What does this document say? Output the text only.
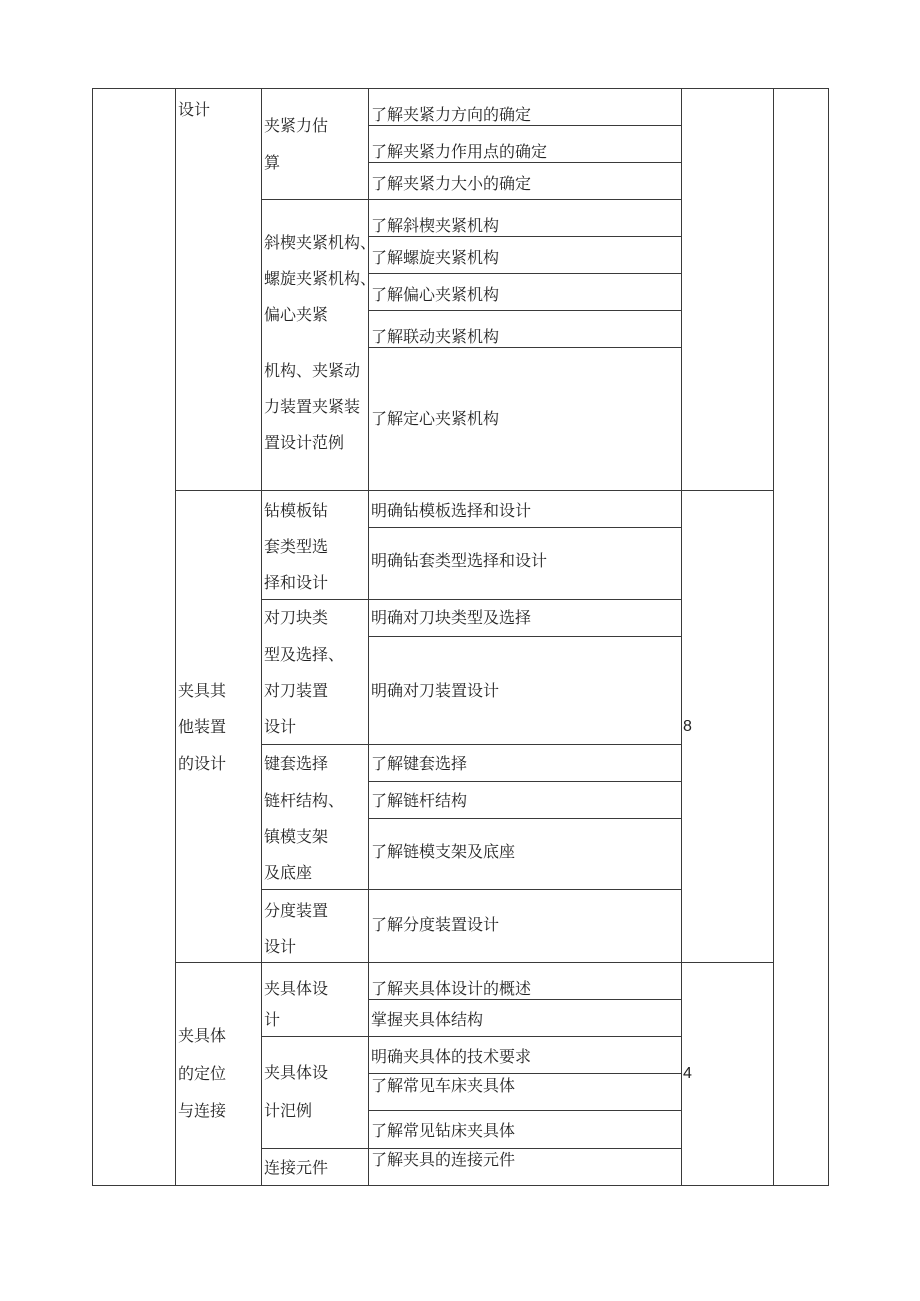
设计
夹紧力估
算
了解夹紧力方向的确定
了解夹紧力作用点的确定
了解夹紧力大小的确定
斜楔夹紧机构、
螺旋夹紧机构、
偏心夹紧
机构、夹紧动
力装置夹紧装
置设计范例
了解斜楔夹紧机构
了解螺旋夹紧机构
了解偏心夹紧机构
了解联动夹紧机构
了解定心夹紧机构
夹具其
他装置
的设计
8
钻模板钻
套类型选
择和设计
明确钻模板选择和设计
明确钻套类型选择和设计
对刀块类
型及选择、
对刀装置
设计
明确对刀块类型及选择
明确对刀装置设计
键套选择
链杆结构、
镇模支架
及底座
了解键套选择
了解链杆结构
了解链模支架及底座
分度装置
设计
了解分度装置设计
夹具体
的定位
与连接
4
夹具体设
计
了解夹具体设计的概述
掌握夹具体结构
夹具体设
计汜例
明确夹具体的技术要求
了解常见车床夹具体
了解常见钻床夹具体
连接元件	了解夹具的连接元件
